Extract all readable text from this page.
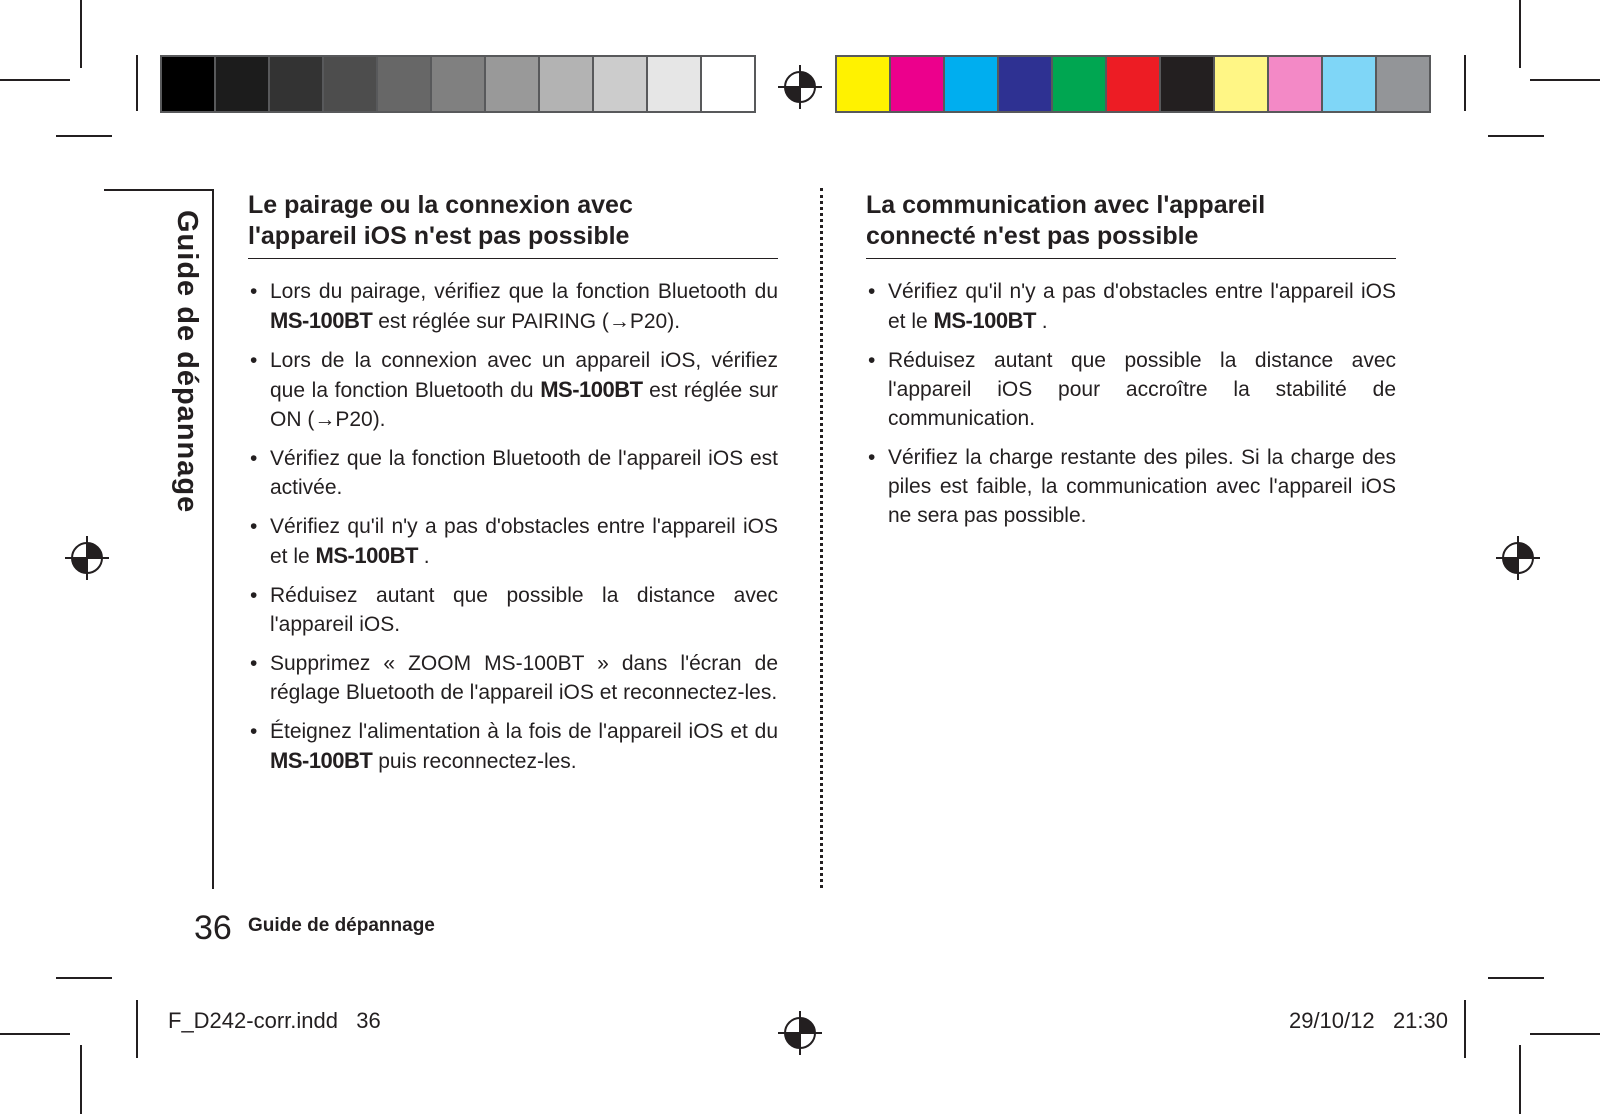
Guide de dépannage
Le pairage ou la connexion avec
l'appareil iOS n'est pas possible
• Lors du pairage, vérifiez que la fonction Bluetooth du MS-100BT est réglée sur PAIRING (→P20).
• Lors de la connexion avec un appareil iOS, vérifiez que la fonction Bluetooth du MS-100BT est réglée sur ON (→P20).
• Vérifiez que la fonction Bluetooth de l'appareil iOS est activée.
• Vérifiez qu'il n'y a pas d'obstacles entre l'appareil iOS et le MS-100BT .
• Réduisez autant que possible la distance avec l'appareil iOS.
• Supprimez « ZOOM MS-100BT » dans l'écran de réglage Bluetooth de l'appareil iOS et reconnectez-les.
• Éteignez l'alimentation à la fois de l'appareil iOS et du MS-100BT puis reconnectez-les.
La communication avec l'appareil
connecté n'est pas possible
• Vérifiez qu'il n'y a pas d'obstacles entre l'appareil iOS et le MS-100BT .
• Réduisez autant que possible la distance avec l'appareil iOS pour accroître la stabilité de communication.
• Vérifiez la charge restante des piles. Si la charge des piles est faible, la communication avec l'appareil iOS ne sera pas possible.
36 Guide de dépannage
F_D242-corr.indd   36	29/10/12   21:30
